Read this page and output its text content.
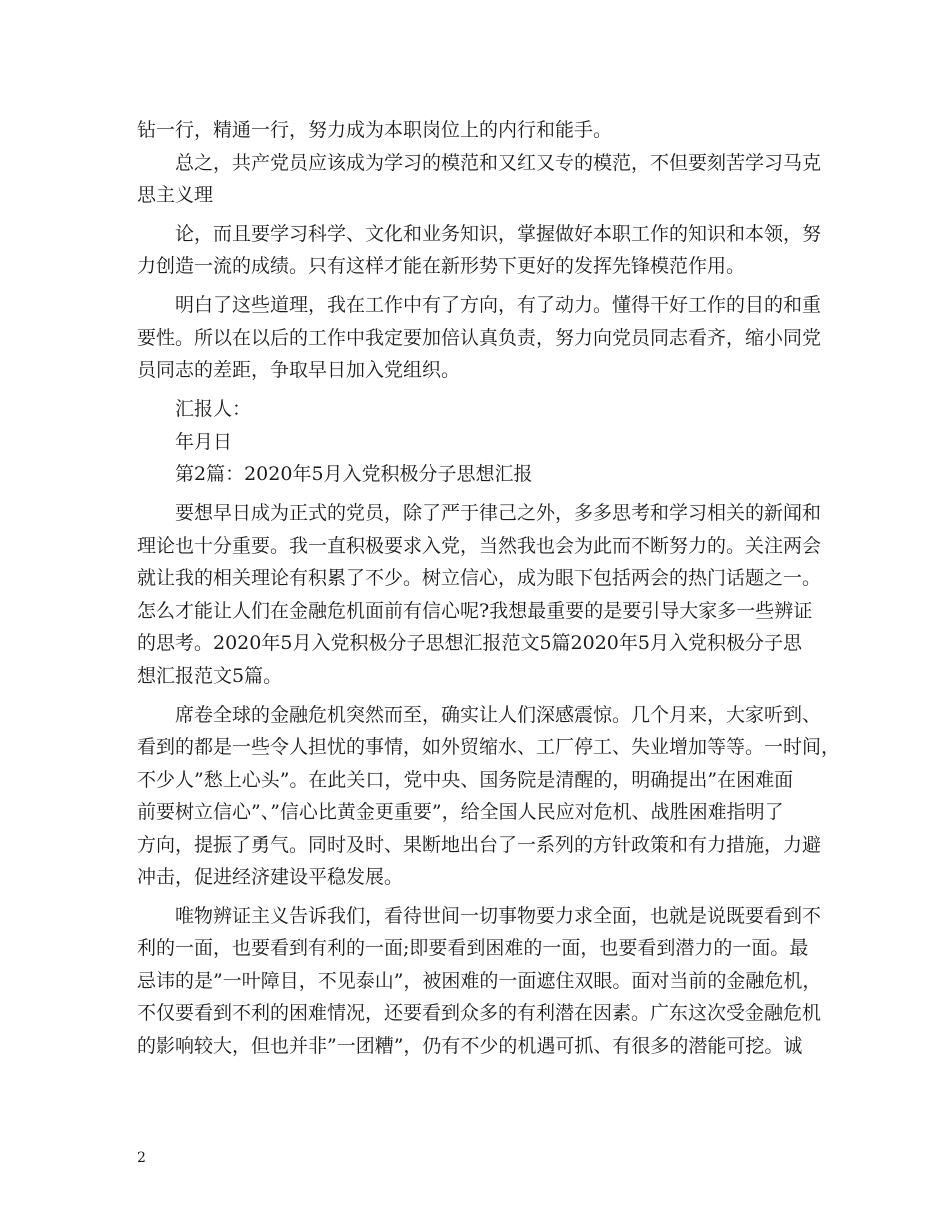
钻一行，精通一行，努力成为本职岗位上的内行和能手。
总之，共产党员应该成为学习的模范和又红又专的模范，不但要刻苦学习马克
思主义理
论，而且要学习科学、文化和业务知识，掌握做好本职工作的知识和本领，努
力创造一流的成绩。只有这样才能在新形势下更好的发挥先锋模范作用。
明白了这些道理，我在工作中有了方向，有了动力。懂得干好工作的目的和重
要性。所以在以后的工作中我定要加倍认真负责，努力向党员同志看齐，缩小同党
员同志的差距，争取早日加入党组织。
汇报人：
年月日
第2篇：2020年5月入党积极分子思想汇报
要想早日成为正式的党员，除了严于律己之外，多多思考和学习相关的新闻和
理论也十分重要。我一直积极要求入党，当然我也会为此而不断努力的。关注两会
就让我的相关理论有积累了不少。树立信心，成为眼下包括两会的热门话题之一。
怎么才能让人们在金融危机面前有信心呢?我想最重要的是要引导大家多一些辨证
的思考。2020年5月入党积极分子思想汇报范文5篇2020年5月入党积极分子思
想汇报范文5篇。
席卷全球的金融危机突然而至，确实让人们深感震惊。几个月来，大家听到、
看到的都是一些令人担忧的事情，如外贸缩水、工厂停工、失业增加等等。一时间，
不少人”愁上心头”。在此关口，党中央、国务院是清醒的，明确提出”在困难面
前要树立信心”、”信心比黄金更重要”，给全国人民应对危机、战胜困难指明了
方向，提振了勇气。同时及时、果断地出台了一系列的方针政策和有力措施，力避
冲击，促进经济建设平稳发展。
唯物辨证主义告诉我们，看待世间一切事物要力求全面，也就是说既要看到不
利的一面，也要看到有利的一面;即要看到困难的一面，也要看到潜力的一面。最
忌讳的是”一叶障目，不见泰山”，被困难的一面遮住双眼。面对当前的金融危机，
不仅要看到不利的困难情况，还要看到众多的有利潜在因素。广东这次受金融危机
的影响较大，但也并非”一团糟”，仍有不少的机遇可抓、有很多的潜能可挖。诚
2
